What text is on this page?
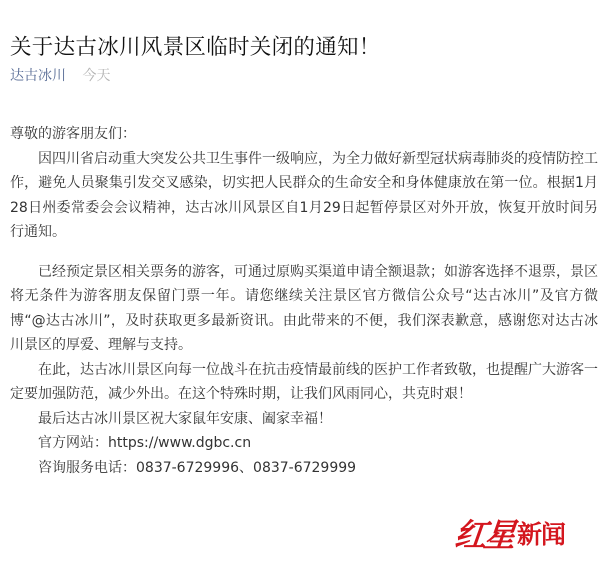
关于达古冰川风景区临时关闭的通知！
达古冰川 今天

尊敬的游客朋友们：

因四川省启动重大突发公共卫生事件一级响应，为全力做好新型冠状病毒肺炎的疫情防控工作，避免人员聚集引发交叉感染，切实把人民群众的生命安全和身体健康放在第一位。根据1月28日州委常委会会议精神，达古冰川风景区自1月29日起暂停景区对外开放，恢复开放时间另行通知。

已经预定景区相关票务的游客，可通过原购买渠道申请全额退款；如游客选择不退票，景区将无条件为游客朋友保留门票一年。请您继续关注景区官方微信公众号“达古冰川”及官方微博“@达古冰川”，及时获取更多最新资讯。由此带来的不便，我们深表歉意，感谢您对达古冰川景区的厚爱、理解与支持。

在此，达古冰川景区向每一位战斗在抗击疫情最前线的医护工作者致敬，也提醒广大游客一定要加强防范，减少外出。在这个特殊时期，让我们风雨同心，共克时艰！

最后达古冰川景区祝大家鼠年安康、阖家幸福！

官方网站：https://www.dgbc.cn

咨询服务电话：0837-6729996、0837-6729999

红星 新闻
